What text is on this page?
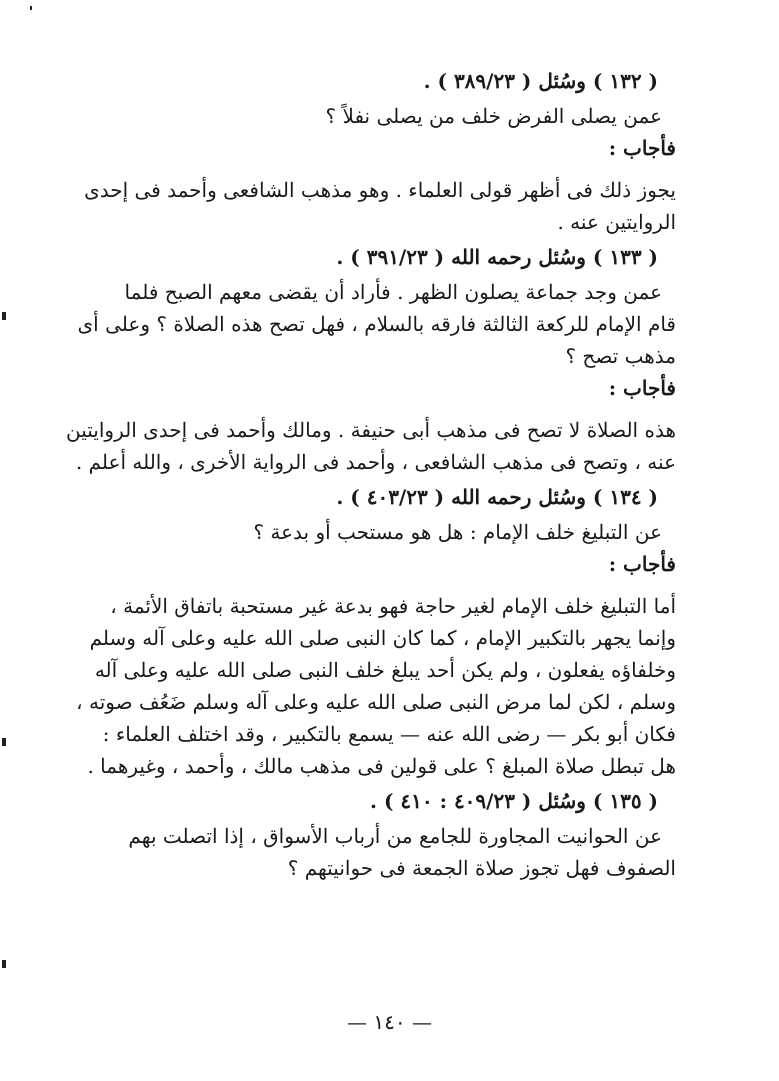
( ١٣٢ ) وسُئل ( ٣٨٩/٢٣ ) .
عمن يصلى الفرض خلف من يصلى نفلاً ؟
فأجاب :
يجوز ذلك فى أظهر قولى العلماء . وهو مذهب الشافعى وأحمد فى إحدى
الروايتين عنه .
( ١٣٣ ) وسُئل رحمه الله ( ٣٩١/٢٣ ) .
عمن وجد جماعة يصلون الظهر . فأراد أن يقضى معهم الصبح فلما
قام الإمام للركعة الثالثة فارقه بالسلام ، فهل تصح هذه الصلاة ؟ وعلى أى
مذهب تصح ؟
فأجاب :
هذه الصلاة لا تصح فى مذهب أبى حنيفة . ومالك وأحمد فى إحدى الروايتين
عنه ، وتصح فى مذهب الشافعى ، وأحمد فى الرواية الأخرى ، والله أعلم .
( ١٣٤ ) وسُئل رحمه الله ( ٤٠٣/٢٣ ) .
عن التبليغ خلف الإمام : هل هو مستحب أو بدعة ؟
فأجاب :
أما التبليغ خلف الإمام لغير حاجة فهو بدعة غير مستحبة باتفاق الأئمة ،
وإنما يجهر بالتكبير الإمام ، كما كان النبى صلى الله عليه وعلى آله وسلم
وخلفاؤه يفعلون ، ولم يكن أحد يبلغ خلف النبى صلى الله عليه وعلى آله
وسلم ، لكن لما مرض النبى صلى الله عليه وعلى آله وسلم ضَعُف صوته ،
فكان أبو بكر — رضى الله عنه — يسمع بالتكبير ، وقد اختلف العلماء :
هل تبطل صلاة المبلغ ؟ على قولين فى مذهب مالك ، وأحمد ، وغيرهما .
( ١٣٥ ) وسُئل ( ٤٠٩/٢٣ : ٤١٠ ) .
عن الحوانيت المجاورة للجامع من أرباب الأسواق ، إذا اتصلت بهم
الصفوف فهل تجوز صلاة الجمعة فى حوانيتهم ؟
— ١٤٠ —
